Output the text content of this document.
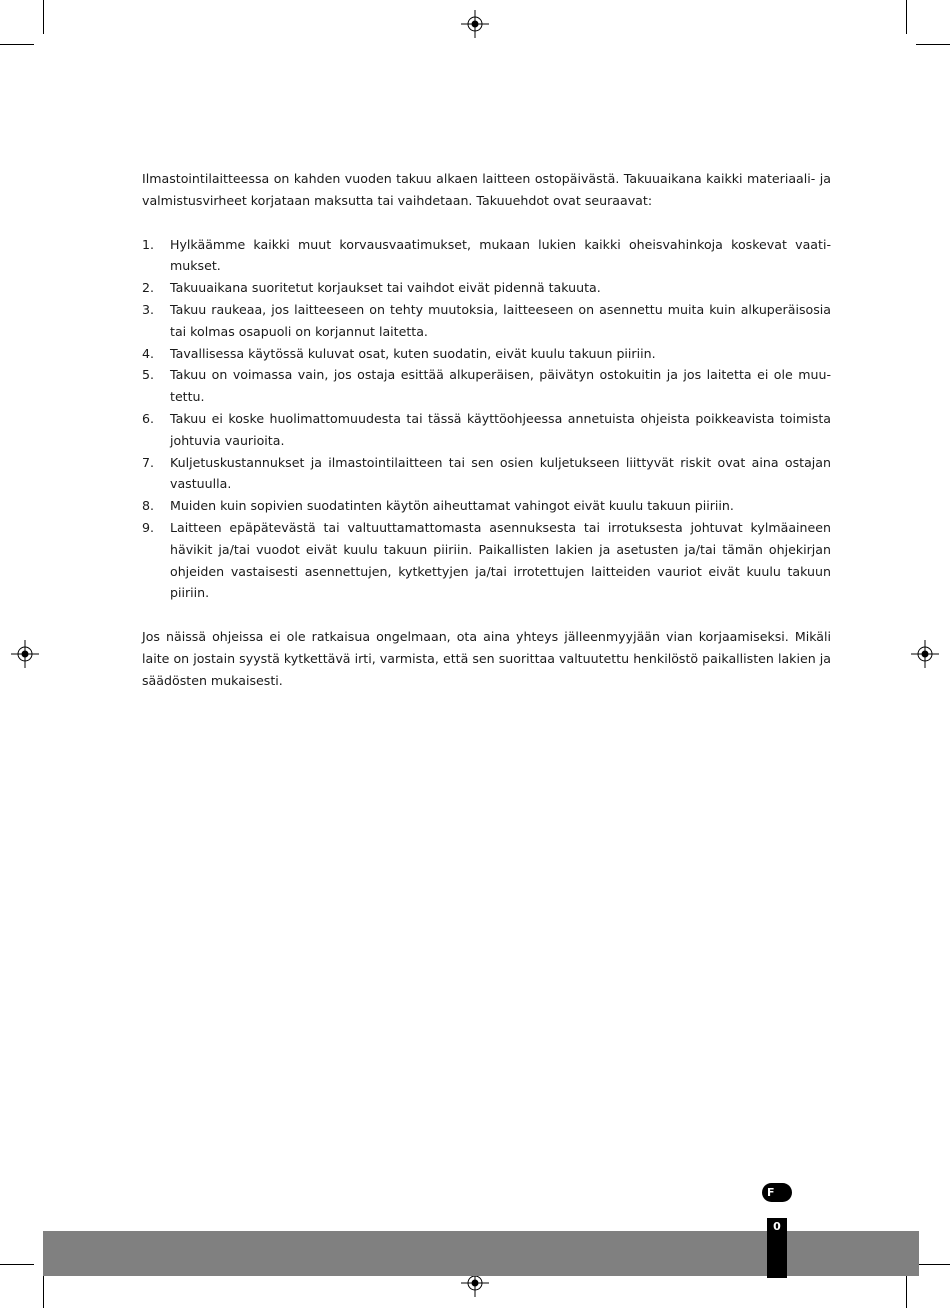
Ilmastointilaitteessa on kahden vuoden takuu alkaen laitteen ostopäivästä. Takuuaikana kaikki materiaali- ja valmistusvirheet korjataan maksutta tai vaihdetaan. Takuuehdot ovat seuraavat:

1.	Hylkäämme kaikki muut korvausvaatimukset, mukaan lukien kaikki oheisvahinkoja koskevat vaati-mukset.
2.	Takuuaikana suoritetut korjaukset tai vaihdot eivät pidennä takuuta.
3.	Takuu raukeaa, jos laitteeseen on tehty muutoksia, laitteeseen on asennettu muita kuin alkuperäisosia tai kolmas osapuoli on korjannut laitetta.
4.	Tavallisessa käytössä kuluvat osat, kuten suodatin, eivät kuulu takuun piiriin.
5.	Takuu on voimassa vain, jos ostaja esittää alkuperäisen, päivätyn ostokuitin ja jos laitetta ei ole muu-tettu.
6.	Takuu ei koske huolimattomuudesta tai tässä käyttöohjeessa annetuista ohjeista poikkeavista toimista johtuvia vaurioita.
7.	Kuljetuskustannukset ja ilmastointilaitteen tai sen osien kuljetukseen liittyvät riskit ovat aina ostajan vastuulla.
8.	Muiden kuin sopivien suodatinten käytön aiheuttamat vahingot eivät kuulu takuun piiriin.
9.	Laitteen epäpätevästä tai valtuuttamattomasta asennuksesta tai irrotuksesta johtuvat kylmäaineen hävikit ja/tai vuodot eivät kuulu takuun piiriin. Paikallisten lakien ja asetusten ja/tai tämän ohjekirjan ohjeiden vastaisesti asennettujen, kytkettyjen ja/tai irrotettujen laitteiden vauriot eivät kuulu takuun piiriin.

Jos näissä ohjeissa ei ole ratkaisua ongelmaan, ota aina yhteys jälleenmyyjään vian korjaamiseksi. Mikäli laite on jostain syystä kytkettävä irti, varmista, että sen suorittaa valtuutettu henkilöstö paikallisten lakien ja säädösten mukaisesti.

F
0
